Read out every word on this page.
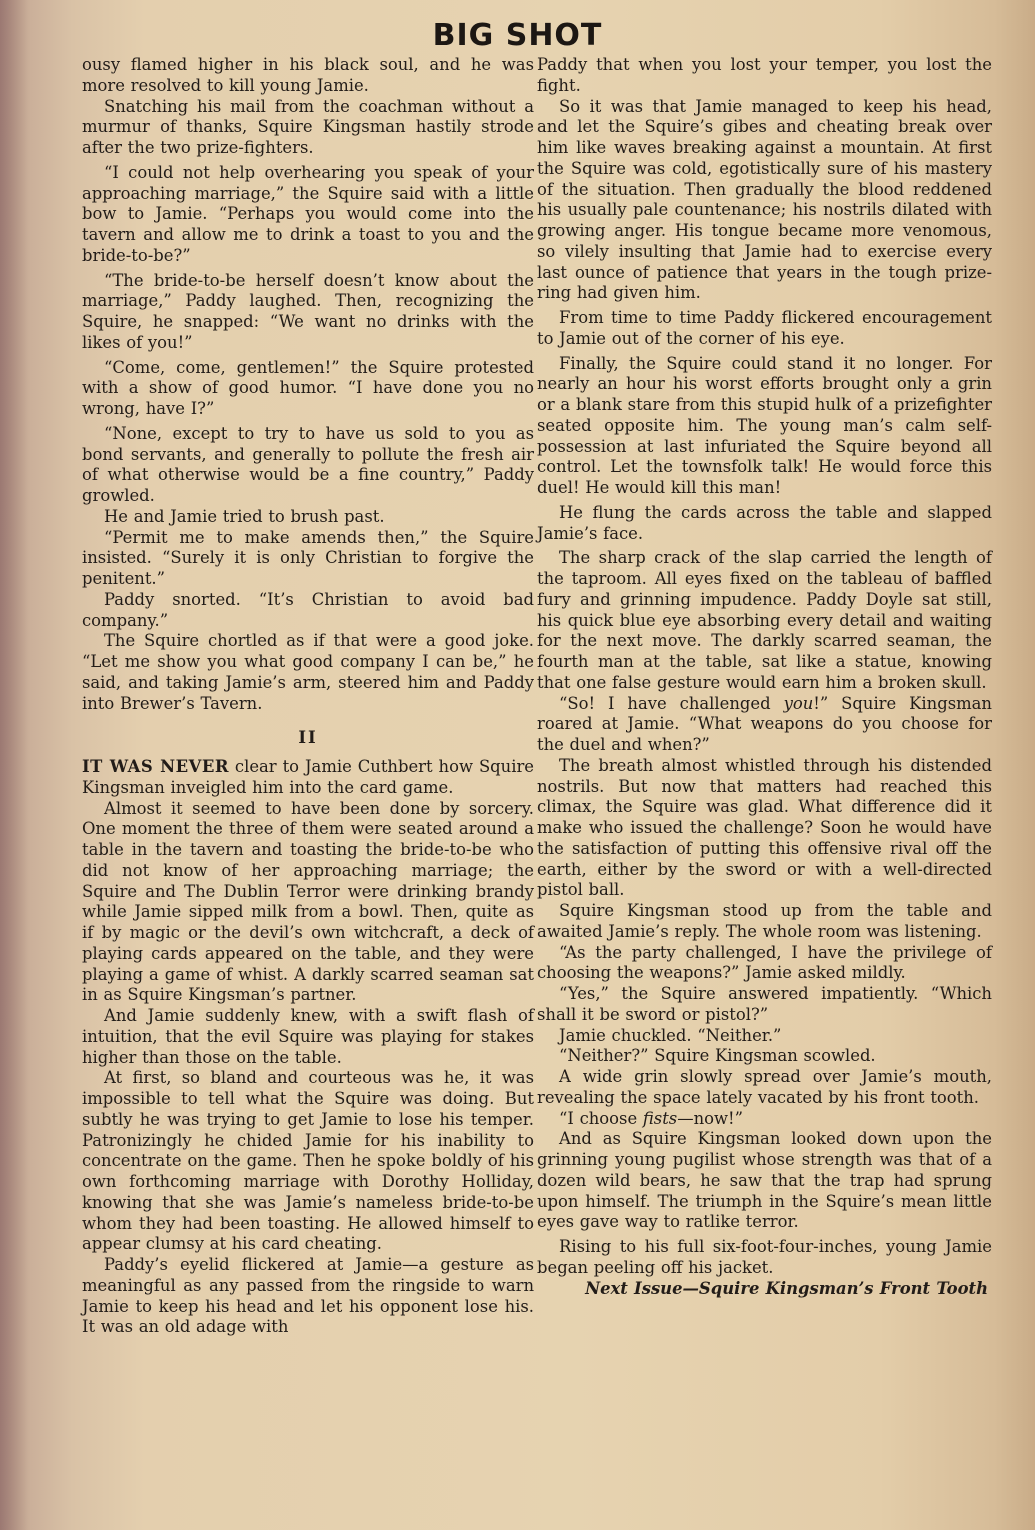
BIG SHOT

ousy flamed higher in his black soul, and he was more resolved to kill young Jamie.

Snatching his mail from the coachman without a murmur of thanks, Squire Kingsman hastily strode after the two prize-fighters.

“I could not help overhearing you speak of your approaching marriage,” the Squire said with a little bow to Jamie. “Perhaps you would come into the tavern and allow me to drink a toast to you and the bride-to-be?”

“The bride-to-be herself doesn’t know about the marriage,” Paddy laughed. Then, recognizing the Squire, he snapped: “We want no drinks with the likes of you!”

“Come, come, gentlemen!” the Squire protested with a show of good humor. “I have done you no wrong, have I?”

“None, except to try to have us sold to you as bond servants, and generally to pollute the fresh air of what otherwise would be a fine country,” Paddy growled.

He and Jamie tried to brush past.

“Permit me to make amends then,” the Squire insisted. “Surely it is only Christian to forgive the penitent.”

Paddy snorted. “It’s Christian to avoid bad company.”

The Squire chortled as if that were a good joke. “Let me show you what good company I can be,” he said, and taking Jamie’s arm, steered him and Paddy into Brewer’s Tavern.

II

IT WAS NEVER clear to Jamie Cuthbert how Squire Kingsman inveigled him into the card game.

Almost it seemed to have been done by sorcery. One moment the three of them were seated around a table in the tavern and toasting the bride-to-be who did not know of her approaching marriage; the Squire and The Dublin Terror were drinking brandy while Jamie sipped milk from a bowl. Then, quite as if by magic or the devil’s own witchcraft, a deck of playing cards appeared on the table, and they were playing a game of whist. A darkly scarred seaman sat in as Squire Kingsman’s partner.

And Jamie suddenly knew, with a swift flash of intuition, that the evil Squire was playing for stakes higher than those on the table.

At first, so bland and courteous was he, it was impossible to tell what the Squire was doing. But subtly he was trying to get Jamie to lose his temper. Patronizingly he chided Jamie for his inability to concentrate on the game. Then he spoke boldly of his own forthcoming marriage with Dorothy Holliday, knowing that she was Jamie’s nameless bride-to-be whom they had been toasting. He allowed himself to appear clumsy at his card cheating.

Paddy’s eyelid flickered at Jamie—a gesture as meaningful as any passed from the ringside to warn Jamie to keep his head and let his opponent lose his. It was an old adage with

Paddy that when you lost your temper, you lost the fight.

So it was that Jamie managed to keep his head, and let the Squire’s gibes and cheating break over him like waves breaking against a mountain. At first the Squire was cold, egotistically sure of his mastery of the situation. Then gradually the blood reddened his usually pale countenance; his nostrils dilated with growing anger. His tongue became more venomous, so vilely insulting that Jamie had to exercise every last ounce of patience that years in the tough prize-ring had given him.

From time to time Paddy flickered encouragement to Jamie out of the corner of his eye.

Finally, the Squire could stand it no longer. For nearly an hour his worst efforts brought only a grin or a blank stare from this stupid hulk of a prizefighter seated opposite him. The young man’s calm self-possession at last infuriated the Squire beyond all control. Let the townsfolk talk! He would force this duel! He would kill this man!

He flung the cards across the table and slapped Jamie’s face.

The sharp crack of the slap carried the length of the taproom. All eyes fixed on the tableau of baffled fury and grinning impudence. Paddy Doyle sat still, his quick blue eye absorbing every detail and waiting for the next move. The darkly scarred seaman, the fourth man at the table, sat like a statue, knowing that one false gesture would earn him a broken skull.

“So! I have challenged you!” Squire Kingsman roared at Jamie. “What weapons do you choose for the duel and when?”

The breath almost whistled through his distended nostrils. But now that matters had reached this climax, the Squire was glad. What difference did it make who issued the challenge? Soon he would have the satisfaction of putting this offensive rival off the earth, either by the sword or with a well-directed pistol ball.

Squire Kingsman stood up from the table and awaited Jamie’s reply. The whole room was listening.

“As the party challenged, I have the privilege of choosing the weapons?” Jamie asked mildly.

“Yes,” the Squire answered impatiently. “Which shall it be sword or pistol?”

Jamie chuckled. “Neither.”

“Neither?” Squire Kingsman scowled.

A wide grin slowly spread over Jamie’s mouth, revealing the space lately vacated by his front tooth.

“I choose fists—now!”

And as Squire Kingsman looked down upon the grinning young pugilist whose strength was that of a dozen wild bears, he saw that the trap had sprung upon himself. The triumph in the Squire’s mean little eyes gave way to ratlike terror.

Rising to his full six-foot-four-inches, young Jamie began peeling off his jacket.

Next Issue—Squire Kingsman’s Front Tooth
